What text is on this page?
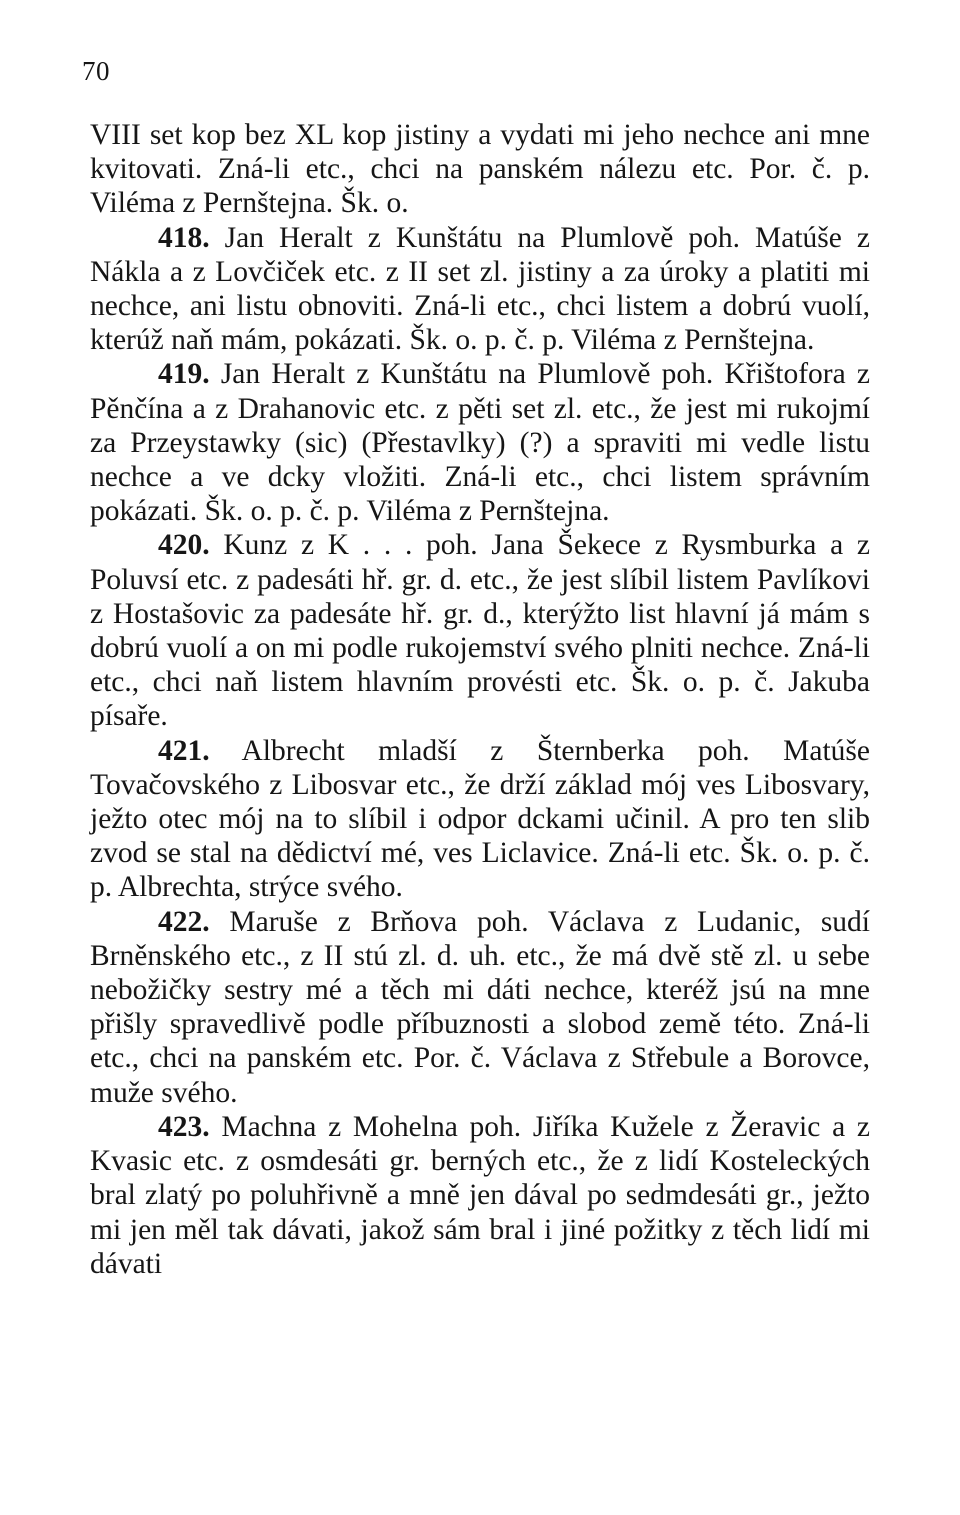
70

VIII set kop bez XL kop jistiny a vydati mi jeho nechce ani mne kvitovati. Zná-li etc., chci na panském nálezu etc. Por. č. p. Viléma z Pernštejna. Šk. o.

418. Jan Heralt z Kunštátu na Plumlově poh. Matúše z Nákla a z Lovčiček etc. z II set zl. jistiny a za úroky a platiti mi nechce, ani listu obnoviti. Zná-li etc., chci listem a dobrú vuolí, kterúž naň mám, pokázati. Šk. o. p. č. p. Viléma z Pernštejna.

419. Jan Heralt z Kunštátu na Plumlově poh. Křištofora z Pěnčína a z Drahanovic etc. z pěti set zl. etc., že jest mi rukojmí za Przeystawky (sic) (Přestavlky) (?) a spraviti mi vedle listu nechce a ve dcky vložiti. Zná-li etc., chci listem správním pokázati. Šk. o. p. č. p. Viléma z Pernštejna.

420. Kunz z K . . . poh. Jana Šekece z Rysmburka a z Poluvsí etc. z padesáti hř. gr. d. etc., že jest slíbil listem Pavlíkovi z Hostašovic za padesáte hř. gr. d., kterýžto list hlavní já mám s dobrú vuolí a on mi podle rukojemství svého plniti nechce. Zná-li etc., chci naň listem hlavním provésti etc. Šk. o. p. č. Jakuba písaře.

421. Albrecht mladší z Šternberka poh. Matúše Tovačovského z Libosvar etc., že drží základ mój ves Libosvary, ježto otec mój na to slíbil i odpor dckami učinil. A pro ten slib zvod se stal na dědictví mé, ves Liclavice. Zná-li etc. Šk. o. p. č. p. Albrechta, strýce svého.

422. Maruše z Brňova poh. Václava z Ludanic, sudí Brněnského etc., z II stú zl. d. uh. etc., že má dvě stě zl. u sebe nebožičky sestry mé a těch mi dáti nechce, kteréž jsú na mne přišly spravedlivě podle příbuznosti a slobod země této. Zná-li etc., chci na panském etc. Por. č. Václava z Střebule a Borovce, muže svého.

423. Machna z Mohelna poh. Jiříka Kužele z Žeravic a z Kvasic etc. z osmdesáti gr. berných etc., že z lidí Kosteleckých bral zlatý po poluhřivně a mně jen dával po sedmdesáti gr., ježto mi jen měl tak dávati, jakož sám bral i jiné požitky z těch lidí mi dávati
